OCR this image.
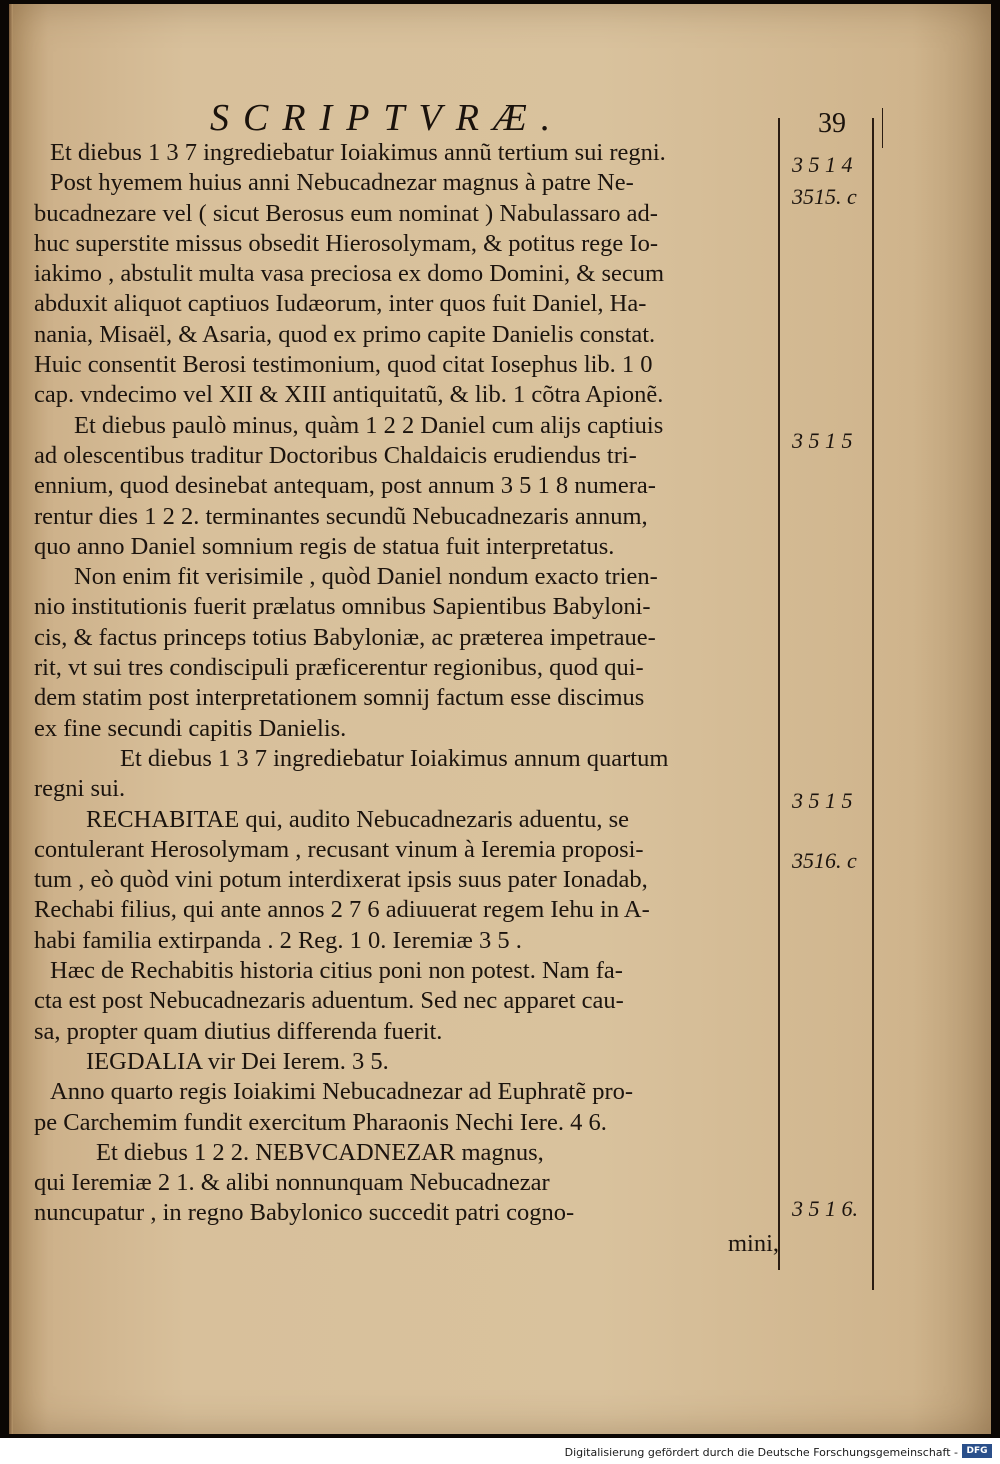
SCRIPTVRÆ.	39
Et diebus 1 3 7 ingrediebatur Ioiakimus annũ tertium sui regni.
Post hyemem huius anni Nebucadnezar magnus à patre Ne-
bucadnezare vel ( sicut Berosus eum nominat ) Nabulassaro ad-
huc superstite missus obsedit Hierosolymam, & potitus rege Io-
iakimo , abstulit multa vasa preciosa ex domo Domini, & secum
abduxit aliquot captiuos Iudæorum, inter quos fuit Daniel, Ha-
nania, Misaël, & Asaria, quod ex primo capite Danielis constat.
Huic consentit Berosi testimonium, quod citat Iosephus lib. 1 0
cap. vndecimo vel XII & XIII antiquitatũ, & lib. 1 cõtra Apionẽ.
Et diebus paulò minus, quàm 1 2 2 Daniel cum alijs captiuis
ad olescentibus traditur Doctoribus Chaldaicis erudiendus tri-
ennium, quod desinebat antequam, post annum 3 5 1 8 numera-
rentur dies 1 2 2. terminantes secundũ Nebucadnezaris annum,
quo anno Daniel somnium regis de statua fuit interpretatus.
Non enim fit verisimile , quòd Daniel nondum exacto trien-
nio institutionis fuerit prælatus omnibus Sapientibus Babyloni-
cis, & factus princeps totius Babyloniæ, ac præterea impetraue-
rit, vt sui tres condiscipuli præficerentur regionibus, quod qui-
dem statim post interpretationem somnij factum esse discimus
ex fine secundi capitis Danielis.
Et diebus 1 3 7 ingrediebatur Ioiakimus annum quartum
regni sui.
RECHABITAE qui, audito Nebucadnezaris aduentu, se
contulerant Herosolymam , recusant vinum à Ieremia proposi-
tum , eò quòd vini potum interdixerat ipsis suus pater Ionadab,
Rechabi filius, qui ante annos 2 7 6 adiuuerat regem Iehu in A-
habi familia extirpanda . 2 Reg. 1 0. Ieremiæ 3 5 .
Hæc de Rechabitis historia citius poni non potest. Nam fa-
cta est post Nebucadnezaris aduentum. Sed nec apparet cau-
sa, propter quam diutius differenda fuerit.
IEGDALIA vir Dei Ierem. 3 5.
Anno quarto regis Ioiakimi Nebucadnezar ad Euphratẽ pro-
pe Carchemim fundit exercitum Pharaonis Nechi Iere. 4 6.
Et diebus 1 2 2. NEBVCADNEZAR magnus,
qui Ieremiæ 2 1. & alibi nonnunquam Nebucadnezar
nuncupatur , in regno Babylonico succedit patri cogno-
mini,
3 5 1 4
3515. c
3 5 1 5
3 5 1 5
3516. c
3 5 1 6.
Digitalisierung gefördert durch die Deutsche Forschungsgemeinschaft - DFG
